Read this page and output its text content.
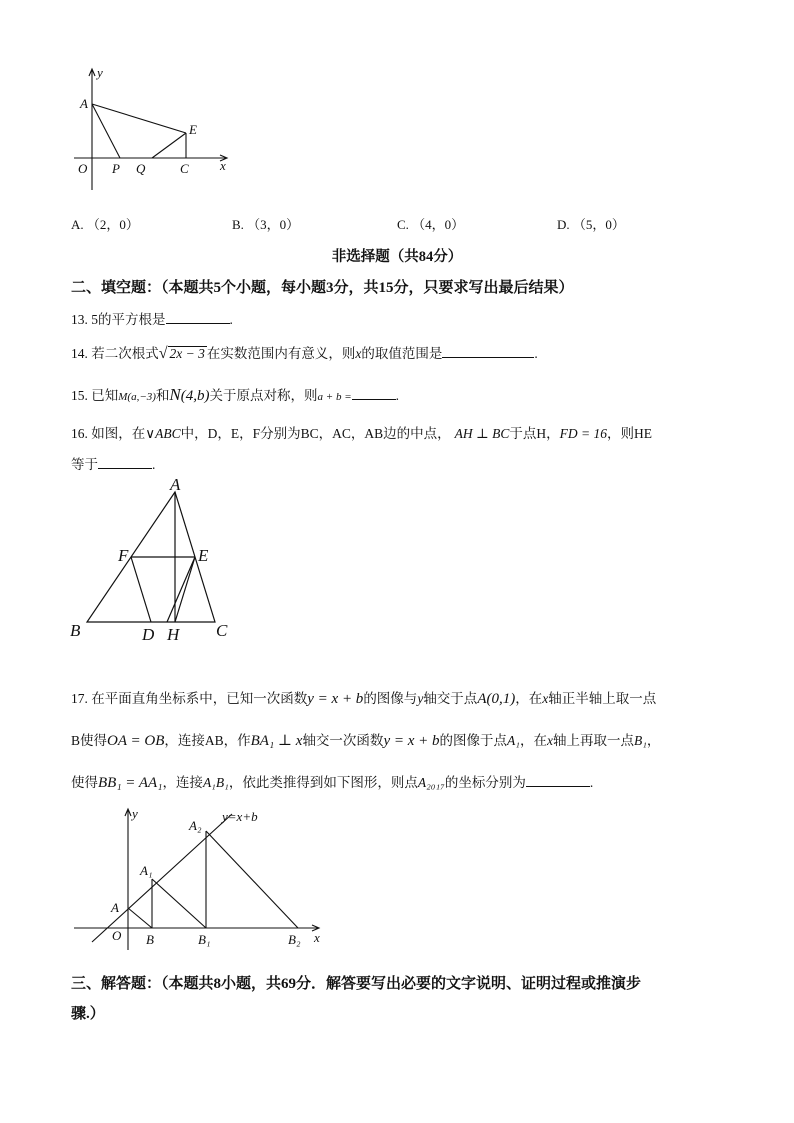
y
x
A
E
O P Q	C
A. （2，0）	B. （3，0）	C. （4，0）	D. （5，0）
非选择题（共84分）
二、填空题：（本题共5个小题，每小题3分，共15分，只要求写出最后结果）
13. 5的平方根是	.
14. 若二次根式√ 2x − 3 在实数范围内有意义，则x的取值范围是	.
15. 已知M(a,−3)和N(4,b)关于原点对称，则a + b =	.
16. 如图，在∨ABC中，D，E，F分别为BC，AC，AB边的中点， AH ⊥ BC于点H，FD = 16，则HE
等于	.
A
F	E
B	D H C
17. 在平面直角坐标系中，已知一次函数y = x + b的图像与y轴交于点A(0,1)，在x轴正半轴上取一点
B使得OA = OB，连接AB，作BA₁ ⊥ x轴交一次函数y = x + b的图像于点A₁，在x轴上再取一点B₁，
使得BB₁ = AA₁，连接A₁B₁，依此类推得到如下图形，则点A₂₀₁₇的坐标分别为	.
y
x
y=x+b
A
O
A₁
A₂
B	B₁	B₂
三、解答题：（本题共8小题，共69分．解答要写出必要的文字说明、证明过程或推演步
骤.）
